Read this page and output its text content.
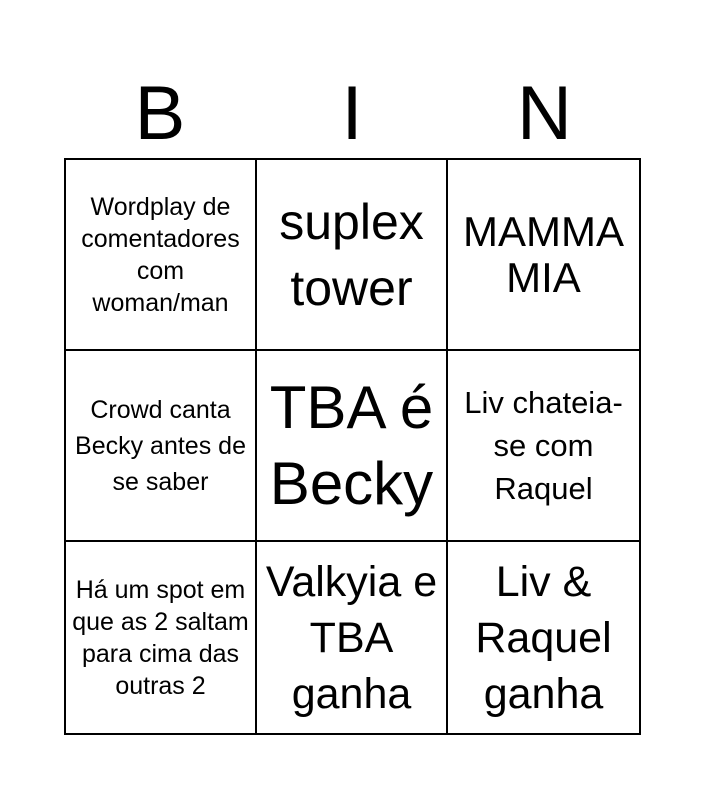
B	I	N
Wordplay de comentadores com woman/man
suplex tower
MAMMA MIA
Crowd canta Becky antes de se saber
TBA é Becky
Liv chateia-se com Raquel
Há um spot em que as 2 saltam para cima das outras 2
Valkyia e TBA ganha
Liv & Raquel ganha
